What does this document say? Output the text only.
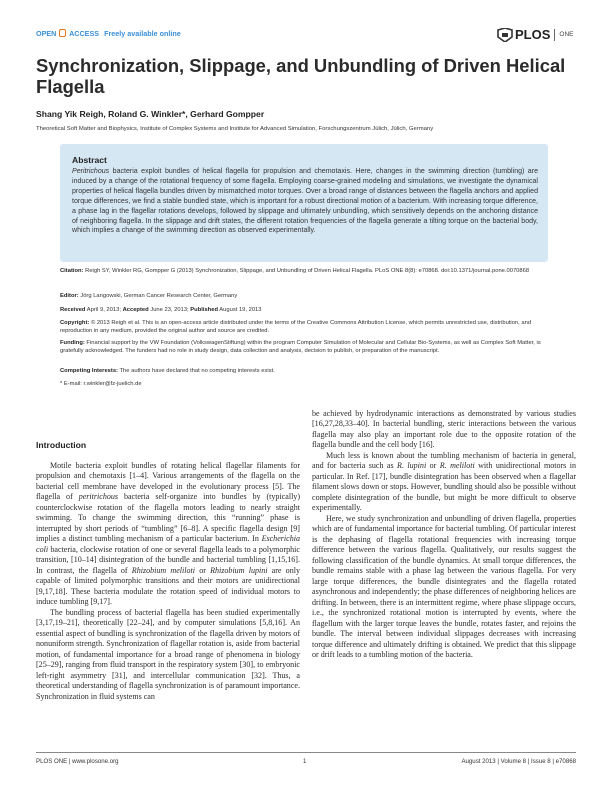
OPEN ACCESS Freely available online	PLOS ONE
Synchronization, Slippage, and Unbundling of Driven Helical Flagella
Shang Yik Reigh, Roland G. Winkler*, Gerhard Gompper
Theoretical Soft Matter and Biophysics, Institute of Complex Systems and Institute for Advanced Simulation, Forschungszentrum Jülich, Jülich, Germany
Abstract
Peritrichous bacteria exploit bundles of helical flagella for propulsion and chemotaxis. Here, changes in the swimming direction (tumbling) are induced by a change of the rotational frequency of some flagella. Employing coarse-grained modeling and simulations, we investigate the dynamical properties of helical flagella bundles driven by mismatched motor torques. Over a broad range of distances between the flagella anchors and applied torque differences, we find a stable bundled state, which is important for a robust directional motion of a bacterium. With increasing torque difference, a phase lag in the flagellar rotations develops, followed by slippage and ultimately unbundling, which sensitively depends on the anchoring distance of neighboring flagella. In the slippage and drift states, the different rotation frequencies of the flagella generate a tilting torque on the bacterial body, which implies a change of the swimming direction as observed experimentally.
Citation: Reigh SY, Winkler RG, Gompper G (2013) Synchronization, Slippage, and Unbundling of Driven Helical Flagella. PLoS ONE 8(8): e70868. doi:10.1371/journal.pone.0070868
Editor: Jörg Langowski, German Cancer Research Center, Germany
Received April 9, 2013; Accepted June 23, 2013; Published August 19, 2013
Copyright: © 2013 Reigh et al. This is an open-access article distributed under the terms of the Creative Commons Attribution License, which permits unrestricted use, distribution, and reproduction in any medium, provided the original author and source are credited.
Funding: Financial support by the VW Foundation (VolkswagenStiftung) within the program Computer Simulation of Molecular and Cellular Bio-Systems, as well as Complex Soft Matter, is gratefully acknowledged. The funders had no role in study design, data collection and analysis, decision to publish, or preparation of the manuscript.
Competing Interests: The authors have declared that no competing interests exist.
* E-mail: r.winkler@fz-juelich.de
Introduction

Motile bacteria exploit bundles of rotating helical flagellar filaments for propulsion and chemotaxis [1–4]. Various arrangements of the flagella on the bacterial cell membrane have developed in the evolutionary process [5]. The flagella of peritrichous bacteria self-organize into bundles by (typically) counterclockwise rotation of the flagella motors leading to nearly straight swimming. To change the swimming direction, this “running” phase is interrupted by short periods of “tumbling” [6–8]. A specific flagella design [9] implies a distinct tumbling mechanism of a particular bacterium. In Escherichia coli bacteria, clockwise rotation of one or several flagella leads to a polymorphic transition, [10–14] disintegration of the bundle and bacterial tumbling [1,15,16]. In contrast, the flagella of Rhizobium meliloti or Rhizobium lupini are only capable of limited polymorphic transitions and their motors are unidirectional [9,17,18]. These bacteria modulate the rotation speed of individual motors to induce tumbling [9,17].

The bundling process of bacterial flagella has been studied experimentally [3,17,19–21], theoretically [22–24], and by computer simulations [5,8,16]. An essential aspect of bundling is synchronization of the flagella driven by motors of nonuniform strength. Synchronization of flagellar rotation is, aside from bacterial motion, of fundamental importance for a broad range of phenomena in biology [25–29], ranging from fluid transport in the respiratory system [30], to embryonic left-right asymmetry [31], and intercellular communication [32]. Thus, a theoretical understanding of flagella synchronization is of paramount importance. Synchronization in fluid systems can

be achieved by hydrodynamic interactions as demonstrated by various studies [16,27,28,33–40]. In bacterial bundling, steric interactions between the various flagella may also play an important role due to the opposite rotation of the flagella bundle and the cell body [16].

Much less is known about the tumbling mechanism of bacteria in general, and for bacteria such as R. lupini or R. meliloti with unidirectional motors in particular. In Ref. [17], bundle disintegration has been observed when a flagellar filament slows down or stops. However, bundling should also be possible without complete disintegration of the bundle, but might be more difficult to observe experimentally.

Here, we study synchronization and unbundling of driven flagella, properties which are of fundamental importance for bacterial tumbling. Of particular interest is the dephasing of flagella rotational frequencies with increasing torque difference between the various flagella. Qualitatively, our results suggest the following classification of the bundle dynamics. At small torque differences, the bundle remains stable with a phase lag between the various flagella. For very large torque differences, the bundle disintegrates and the flagella rotated asynchronous and independently; the phase differences of neighboring helices are drifting. In between, there is an intermittent regime, where phase slippage occurs, i.e., the synchronized rotational motion is interrupted by events, where the flagellum with the larger torque leaves the bundle, rotates faster, and rejoins the bundle. The interval between individual slippages decreases with increasing torque difference and ultimately drifting is obtained. We predict that this slippage or drift leads to a tumbling motion of the bacteria.

PLOS ONE | www.plosone.org	1	August 2013 | Volume 8 | Issue 8 | e70868
